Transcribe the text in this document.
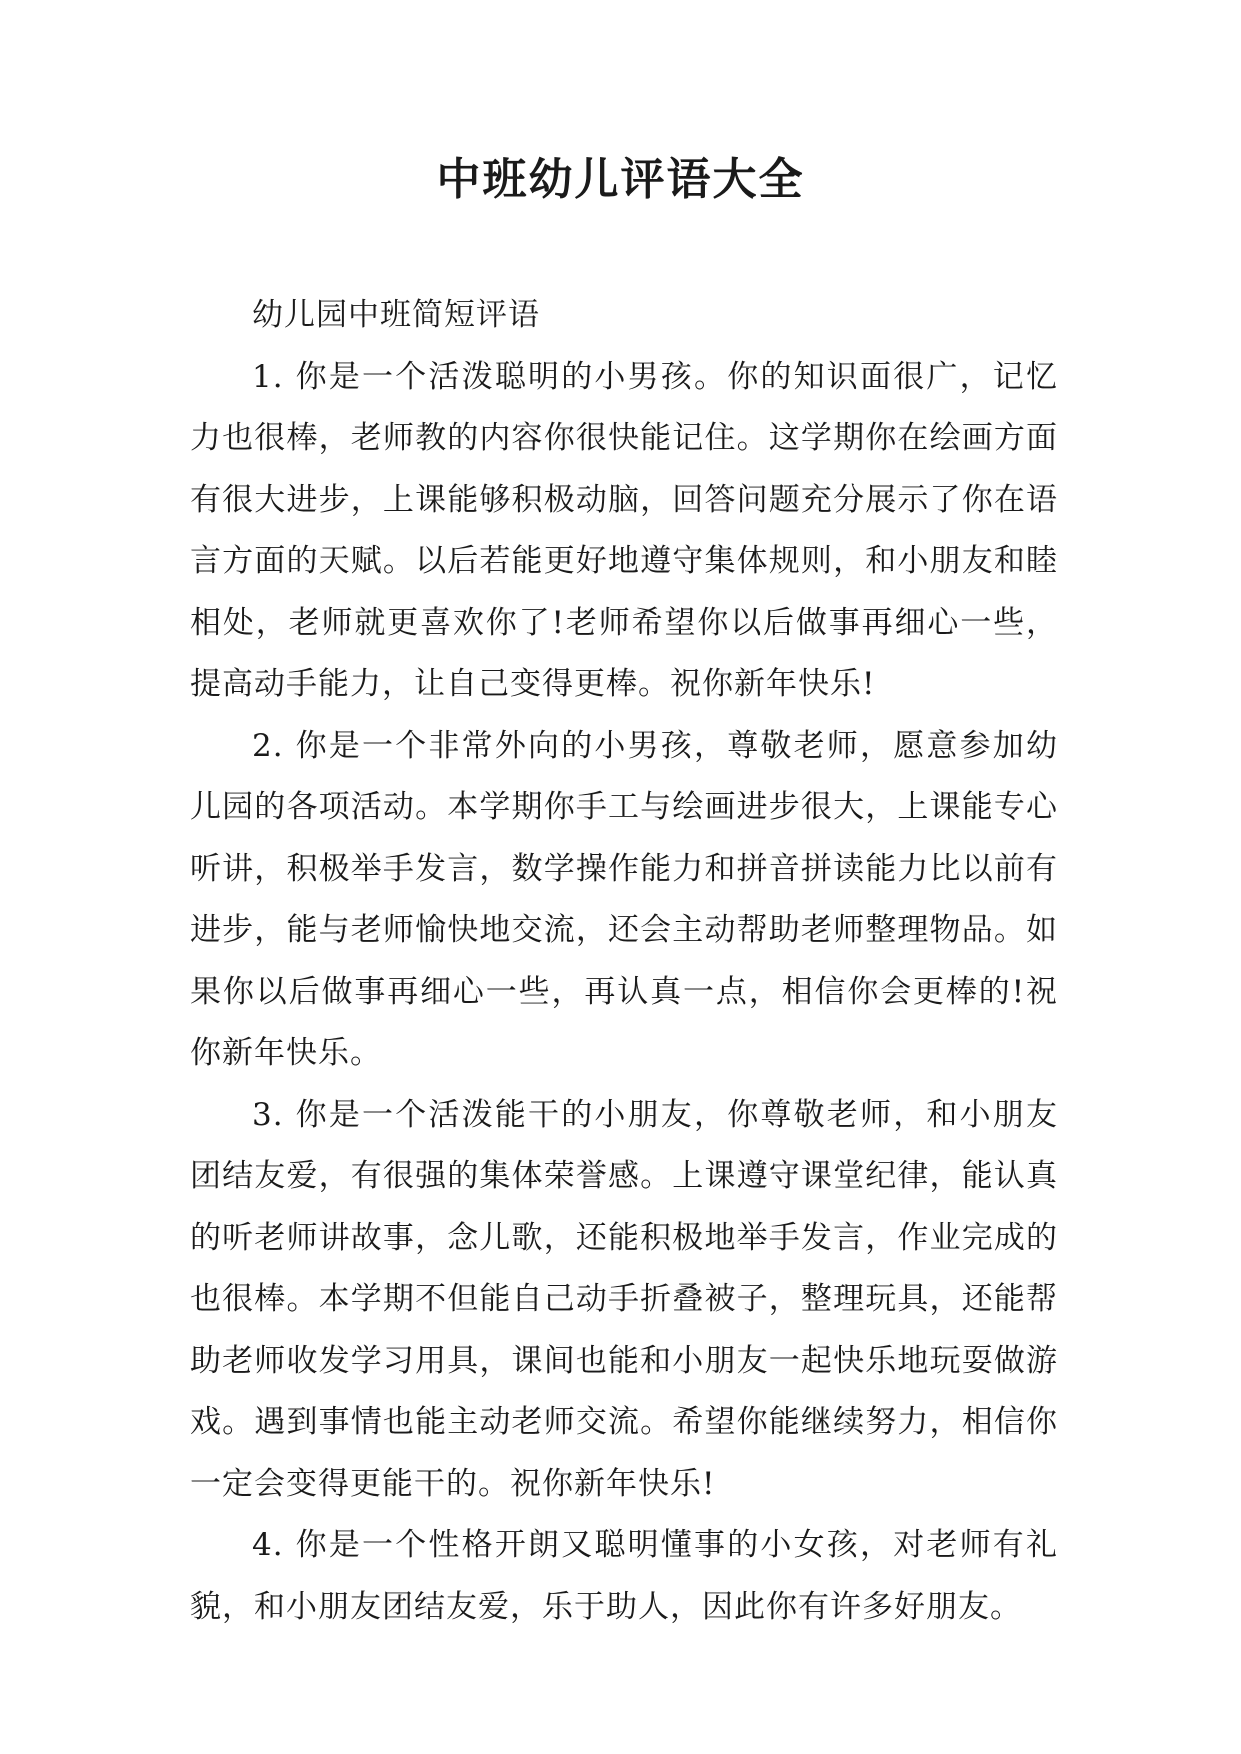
中班幼儿评语大全

幼儿园中班简短评语

1. 你是一个活泼聪明的小男孩。你的知识面很广，记忆力也很棒，老师教的内容你很快能记住。这学期你在绘画方面有很大进步，上课能够积极动脑，回答问题充分展示了你在语言方面的天赋。以后若能更好地遵守集体规则，和小朋友和睦相处，老师就更喜欢你了!老师希望你以后做事再细心一些，提高动手能力，让自己变得更棒。祝你新年快乐!

2. 你是一个非常外向的小男孩，尊敬老师，愿意参加幼儿园的各项活动。本学期你手工与绘画进步很大，上课能专心听讲，积极举手发言，数学操作能力和拼音拼读能力比以前有进步，能与老师愉快地交流，还会主动帮助老师整理物品。如果你以后做事再细心一些，再认真一点，相信你会更棒的!祝你新年快乐。

3. 你是一个活泼能干的小朋友，你尊敬老师，和小朋友团结友爱，有很强的集体荣誉感。上课遵守课堂纪律，能认真的听老师讲故事，念儿歌，还能积极地举手发言，作业完成的也很棒。本学期不但能自己动手折叠被子，整理玩具，还能帮助老师收发学习用具，课间也能和小朋友一起快乐地玩耍做游戏。遇到事情也能主动老师交流。希望你能继续努力，相信你一定会变得更能干的。祝你新年快乐!

4. 你是一个性格开朗又聪明懂事的小女孩，对老师有礼貌，和小朋友团结友爱，乐于助人，因此你有许多好朋友。
